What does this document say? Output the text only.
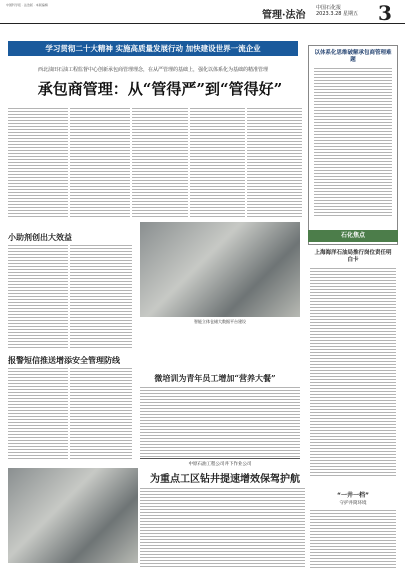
中国科学报 · 法治版 · 本版编辑
管理·法治
中国石化报
2023.3.28 星期五 3
学习贯彻二十大精神 实施高质量发展行动 加快建设世界一流企业
西北油田石油工程监督中心创新承包商管理理念，在从严管理的基础上，强化以体系化为基础的精准管理
承包商管理：从“管得严”到“管得好”
智能立体仓储大数据平台建设
以体系化思维破解承包商管理难题
石化焦点
上海海洋石油局推行岗位责任明白卡
小助剂创出大效益
报警短信推送增添安全管理防线
微培训为青年员工增加“营养大餐”
中原石油工程公司井下作业公司
为重点工区钻井提速增效保驾护航
“一井一档”
守护井筒环境
